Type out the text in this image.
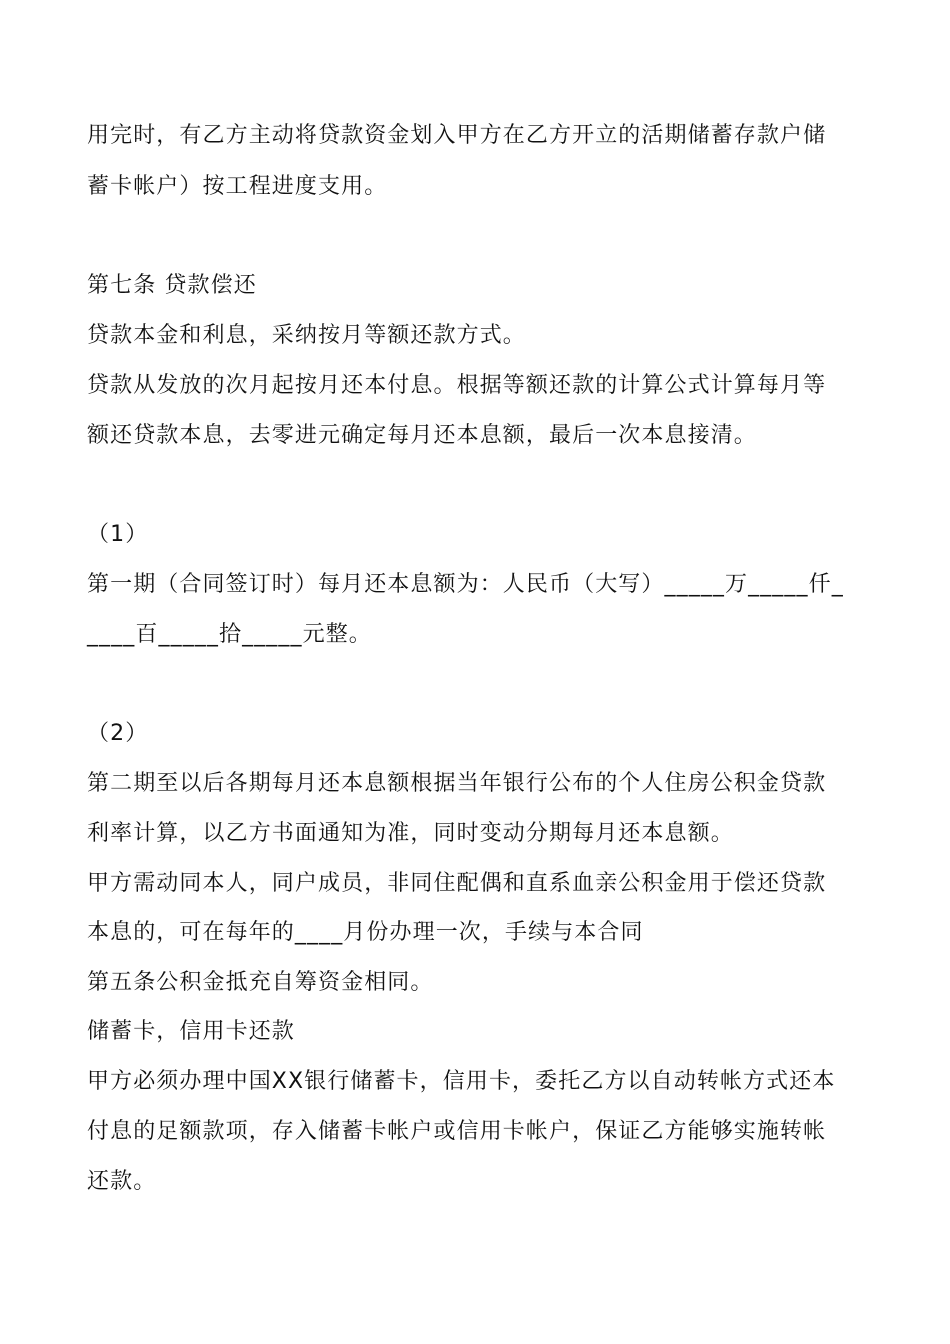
用完时，有乙方主动将贷款资金划入甲方在乙方开立的活期储蓄存款户储
蓄卡帐户）按工程进度支用。
第七条 贷款偿还
贷款本金和利息，采纳按月等额还款方式。
贷款从发放的次月起按月还本付息。根据等额还款的计算公式计算每月等
额还贷款本息，去零进元确定每月还本息额，最后一次本息接清。
（1）
第一期（合同签订时）每月还本息额为：人民币（大写）_____万_____仟_
____百_____拾_____元整。
（2）
第二期至以后各期每月还本息额根据当年银行公布的个人住房公积金贷款
利率计算，以乙方书面通知为准，同时变动分期每月还本息额。
甲方需动同本人，同户成员，非同住配偶和直系血亲公积金用于偿还贷款
本息的，可在每年的____月份办理一次，手续与本合同
第五条公积金抵充自筹资金相同。
储蓄卡，信用卡还款
甲方必须办理中国XX银行储蓄卡，信用卡，委托乙方以自动转帐方式还本
付息的足额款项，存入储蓄卡帐户或信用卡帐户，保证乙方能够实施转帐
还款。
